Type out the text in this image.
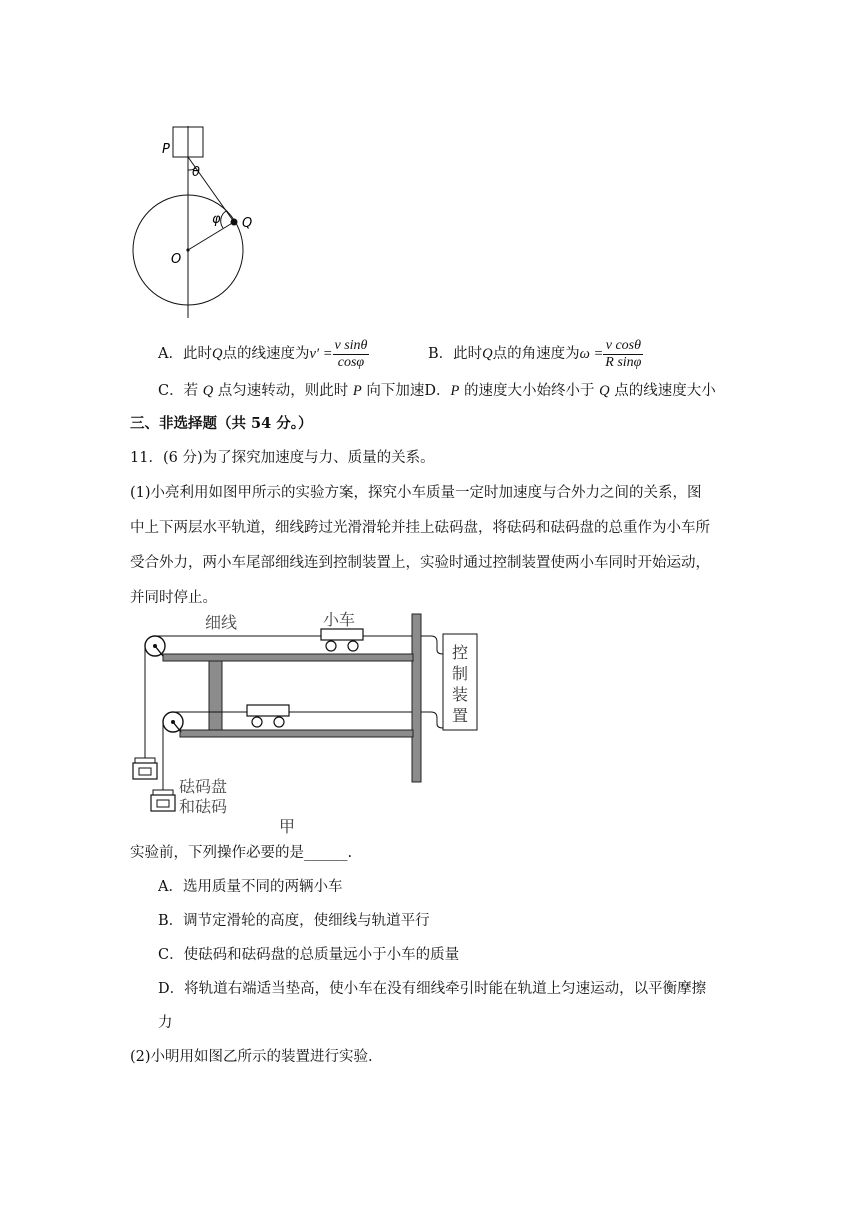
P
θ
φ Q
O
A．此时 Q 点的线速度为 $v' = \frac{\text{v sinθ}}{\cos\varphi}$	B．此时 Q 点的角速度为 $\omega = \frac{\text{v cosθ}}{\text{R sinφ}}$
C．若 Q 点匀速转动，则此时 P 向下加速D．P 的速度大小始终小于 Q 点的线速度大小
三、非选择题（共 54 分。）
11．(6 分)为了探究加速度与力、质量的关系。
(1)小亮利用如图甲所示的实验方案，探究小车质量一定时加速度与合外力之间的关系，图
中上下两层水平轨道，细线跨过光滑滑轮并挂上砝码盘，将砝码和砝码盘的总重作为小车所
受合外力，两小车尾部细线连到控制装置上，实验时通过控制装置使两小车同时开始运动，
并同时停止。
控
制
装
置
细线	小车
砝码盘
和砝码
甲
实验前，下列操作必要的是______.
A．选用质量不同的两辆小车
B．调节定滑轮的高度，使细线与轨道平行
C．使砝码和砝码盘的总质量远小于小车的质量
D．将轨道右端适当垫高，使小车在没有细线牵引时能在轨道上匀速运动，以平衡摩擦
力
(2)小明用如图乙所示的装置进行实验.
